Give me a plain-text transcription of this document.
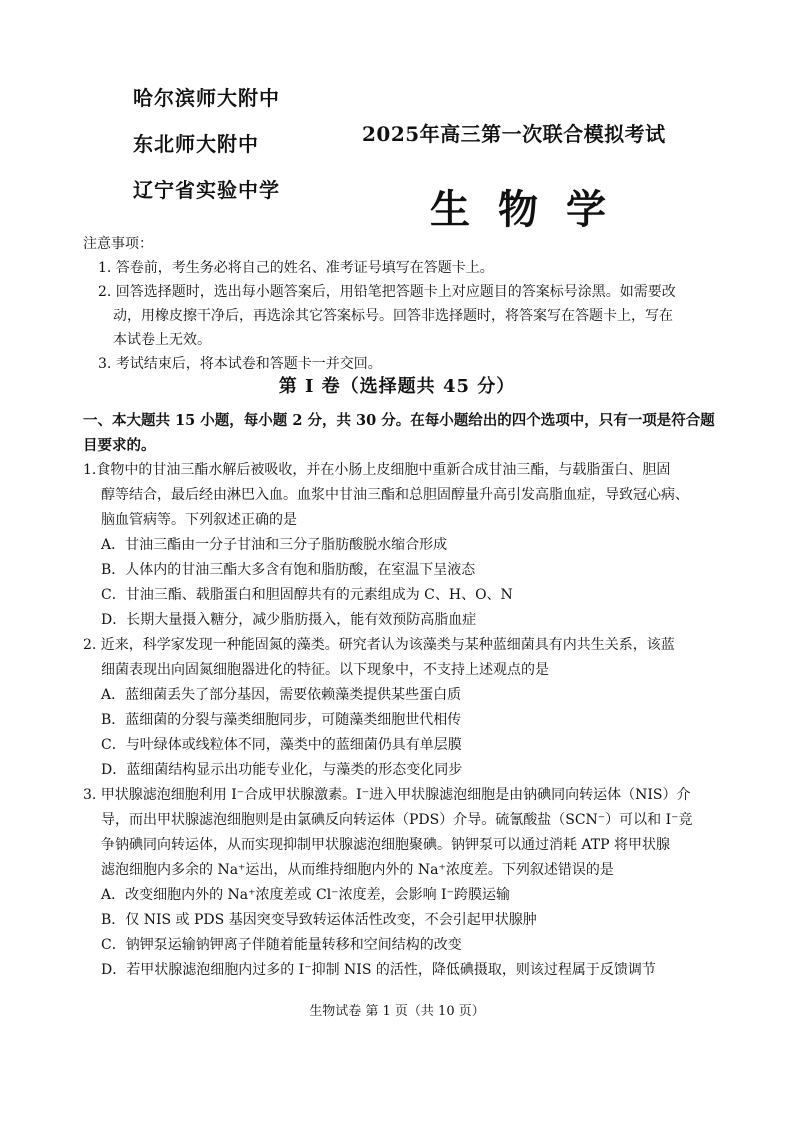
哈尔滨师大附中
东北师大附中
辽宁省实验中学
2025年高三第一次联合模拟考试
生物学
注意事项：
1. 答卷前，考生务必将自己的姓名、准考证号填写在答题卡上。
2. 回答选择题时，选出每小题答案后，用铅笔把答题卡上对应题目的答案标号涂黑。如需要改
动，用橡皮擦干净后，再选涂其它答案标号。回答非选择题时，将答案写在答题卡上，写在
本试卷上无效。
3. 考试结束后，将本试卷和答题卡一并交回。
第 I 卷（选择题共 45 分）
一、本大题共 15 小题，每小题 2 分，共 30 分。在每小题给出的四个选项中，只有一项是符合题
目要求的。
1.食物中的甘油三酯水解后被吸收，并在小肠上皮细胞中重新合成甘油三酯，与载脂蛋白、胆固
醇等结合，最后经由淋巴入血。血浆中甘油三酯和总胆固醇量升高引发高脂血症，导致冠心病、
脑血管病等。下列叙述正确的是
A．甘油三酯由一分子甘油和三分子脂肪酸脱水缩合形成
B．人体内的甘油三酯大多含有饱和脂肪酸，在室温下呈液态
C．甘油三酯、载脂蛋白和胆固醇共有的元素组成为 C、H、O、N
D．长期大量摄入糖分，减少脂肪摄入，能有效预防高脂血症
2. 近来，科学家发现一种能固氮的藻类。研究者认为该藻类与某种蓝细菌具有内共生关系，该蓝
细菌表现出向固氮细胞器进化的特征。以下现象中，不支持上述观点的是
A．蓝细菌丢失了部分基因，需要依赖藻类提供某些蛋白质
B．蓝细菌的分裂与藻类细胞同步，可随藻类细胞世代相传
C．与叶绿体或线粒体不同，藻类中的蓝细菌仍具有单层膜
D．蓝细菌结构显示出功能专业化，与藻类的形态变化同步
3. 甲状腺滤泡细胞利用 I⁻合成甲状腺激素。I⁻进入甲状腺滤泡细胞是由钠碘同向转运体（NIS）介
导，而出甲状腺滤泡细胞则是由氯碘反向转运体（PDS）介导。硫氰酸盐（SCN⁻）可以和 I⁻竞
争钠碘同向转运体，从而实现抑制甲状腺滤泡细胞聚碘。钠钾泵可以通过消耗 ATP 将甲状腺
滤泡细胞内多余的 Na⁺运出，从而维持细胞内外的 Na⁺浓度差。下列叙述错误的是
A．改变细胞内外的 Na⁺浓度差或 Cl⁻浓度差，会影响 I⁻跨膜运输
B．仅 NIS 或 PDS 基因突变导致转运体活性改变，不会引起甲状腺肿
C．钠钾泵运输钠钾离子伴随着能量转移和空间结构的改变
D．若甲状腺滤泡细胞内过多的 I⁻抑制 NIS 的活性，降低碘摄取，则该过程属于反馈调节
生物试卷 第 1 页（共 10 页）
